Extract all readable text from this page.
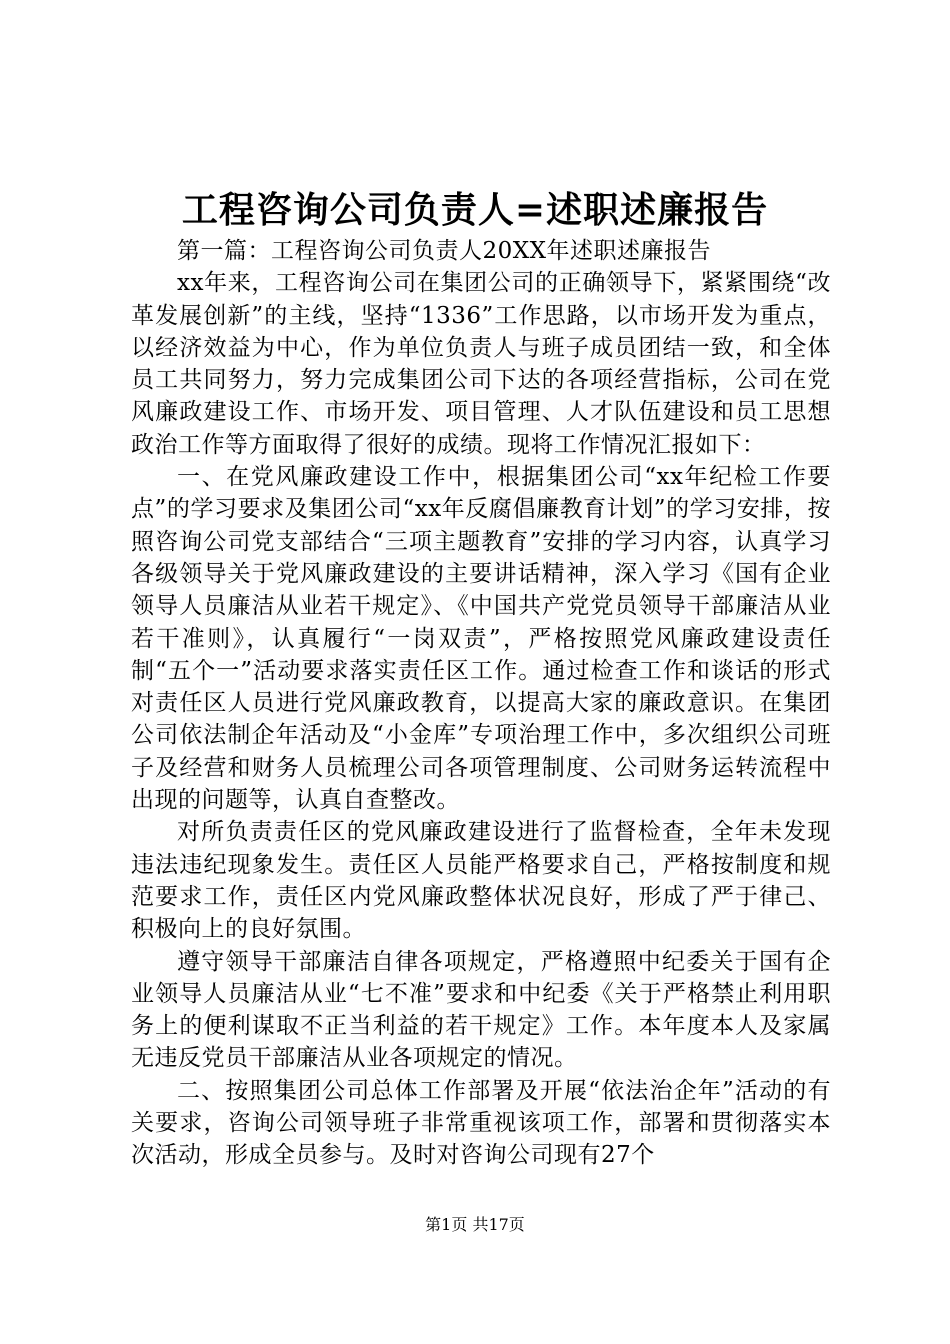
工程咨询公司负责人=述职述廉报告

第一篇：工程咨询公司负责人20XX年述职述廉报告

xx年来，工程咨询公司在集团公司的正确领导下，紧紧围绕“改革发展创新”的主线，坚持“1336”工作思路，以市场开发为重点，以经济效益为中心，作为单位负责人与班子成员团结一致，和全体员工共同努力，努力完成集团公司下达的各项经营指标，公司在党风廉政建设工作、市场开发、项目管理、人才队伍建设和员工思想政治工作等方面取得了很好的成绩。现将工作情况汇报如下：

一、在党风廉政建设工作中，根据集团公司“xx年纪检工作要点”的学习要求及集团公司“xx年反腐倡廉教育计划”的学习安排，按照咨询公司党支部结合“三项主题教育”安排的学习内容，认真学习各级领导关于党风廉政建设的主要讲话精神，深入学习《国有企业领导人员廉洁从业若干规定》、《中国共产党党员领导干部廉洁从业若干准则》，认真履行“一岗双责”，严格按照党风廉政建设责任制“五个一”活动要求落实责任区工作。通过检查工作和谈话的形式对责任区人员进行党风廉政教育，以提高大家的廉政意识。在集团公司依法制企年活动及“小金库”专项治理工作中，多次组织公司班子及经营和财务人员梳理公司各项管理制度、公司财务运转流程中出现的问题等，认真自查整改。

对所负责责任区的党风廉政建设进行了监督检查，全年未发现违法违纪现象发生。责任区人员能严格要求自己，严格按制度和规范要求工作，责任区内党风廉政整体状况良好，形成了严于律己、积极向上的良好氛围。

遵守领导干部廉洁自律各项规定，严格遵照中纪委关于国有企业领导人员廉洁从业“七不准”要求和中纪委《关于严格禁止利用职务上的便利谋取不正当利益的若干规定》工作。本年度本人及家属无违反党员干部廉洁从业各项规定的情况。

二、按照集团公司总体工作部署及开展“依法治企年”活动的有关要求，咨询公司领导班子非常重视该项工作，部署和贯彻落实本次活动，形成全员参与。及时对咨询公司现有27个

第1页 共17页
